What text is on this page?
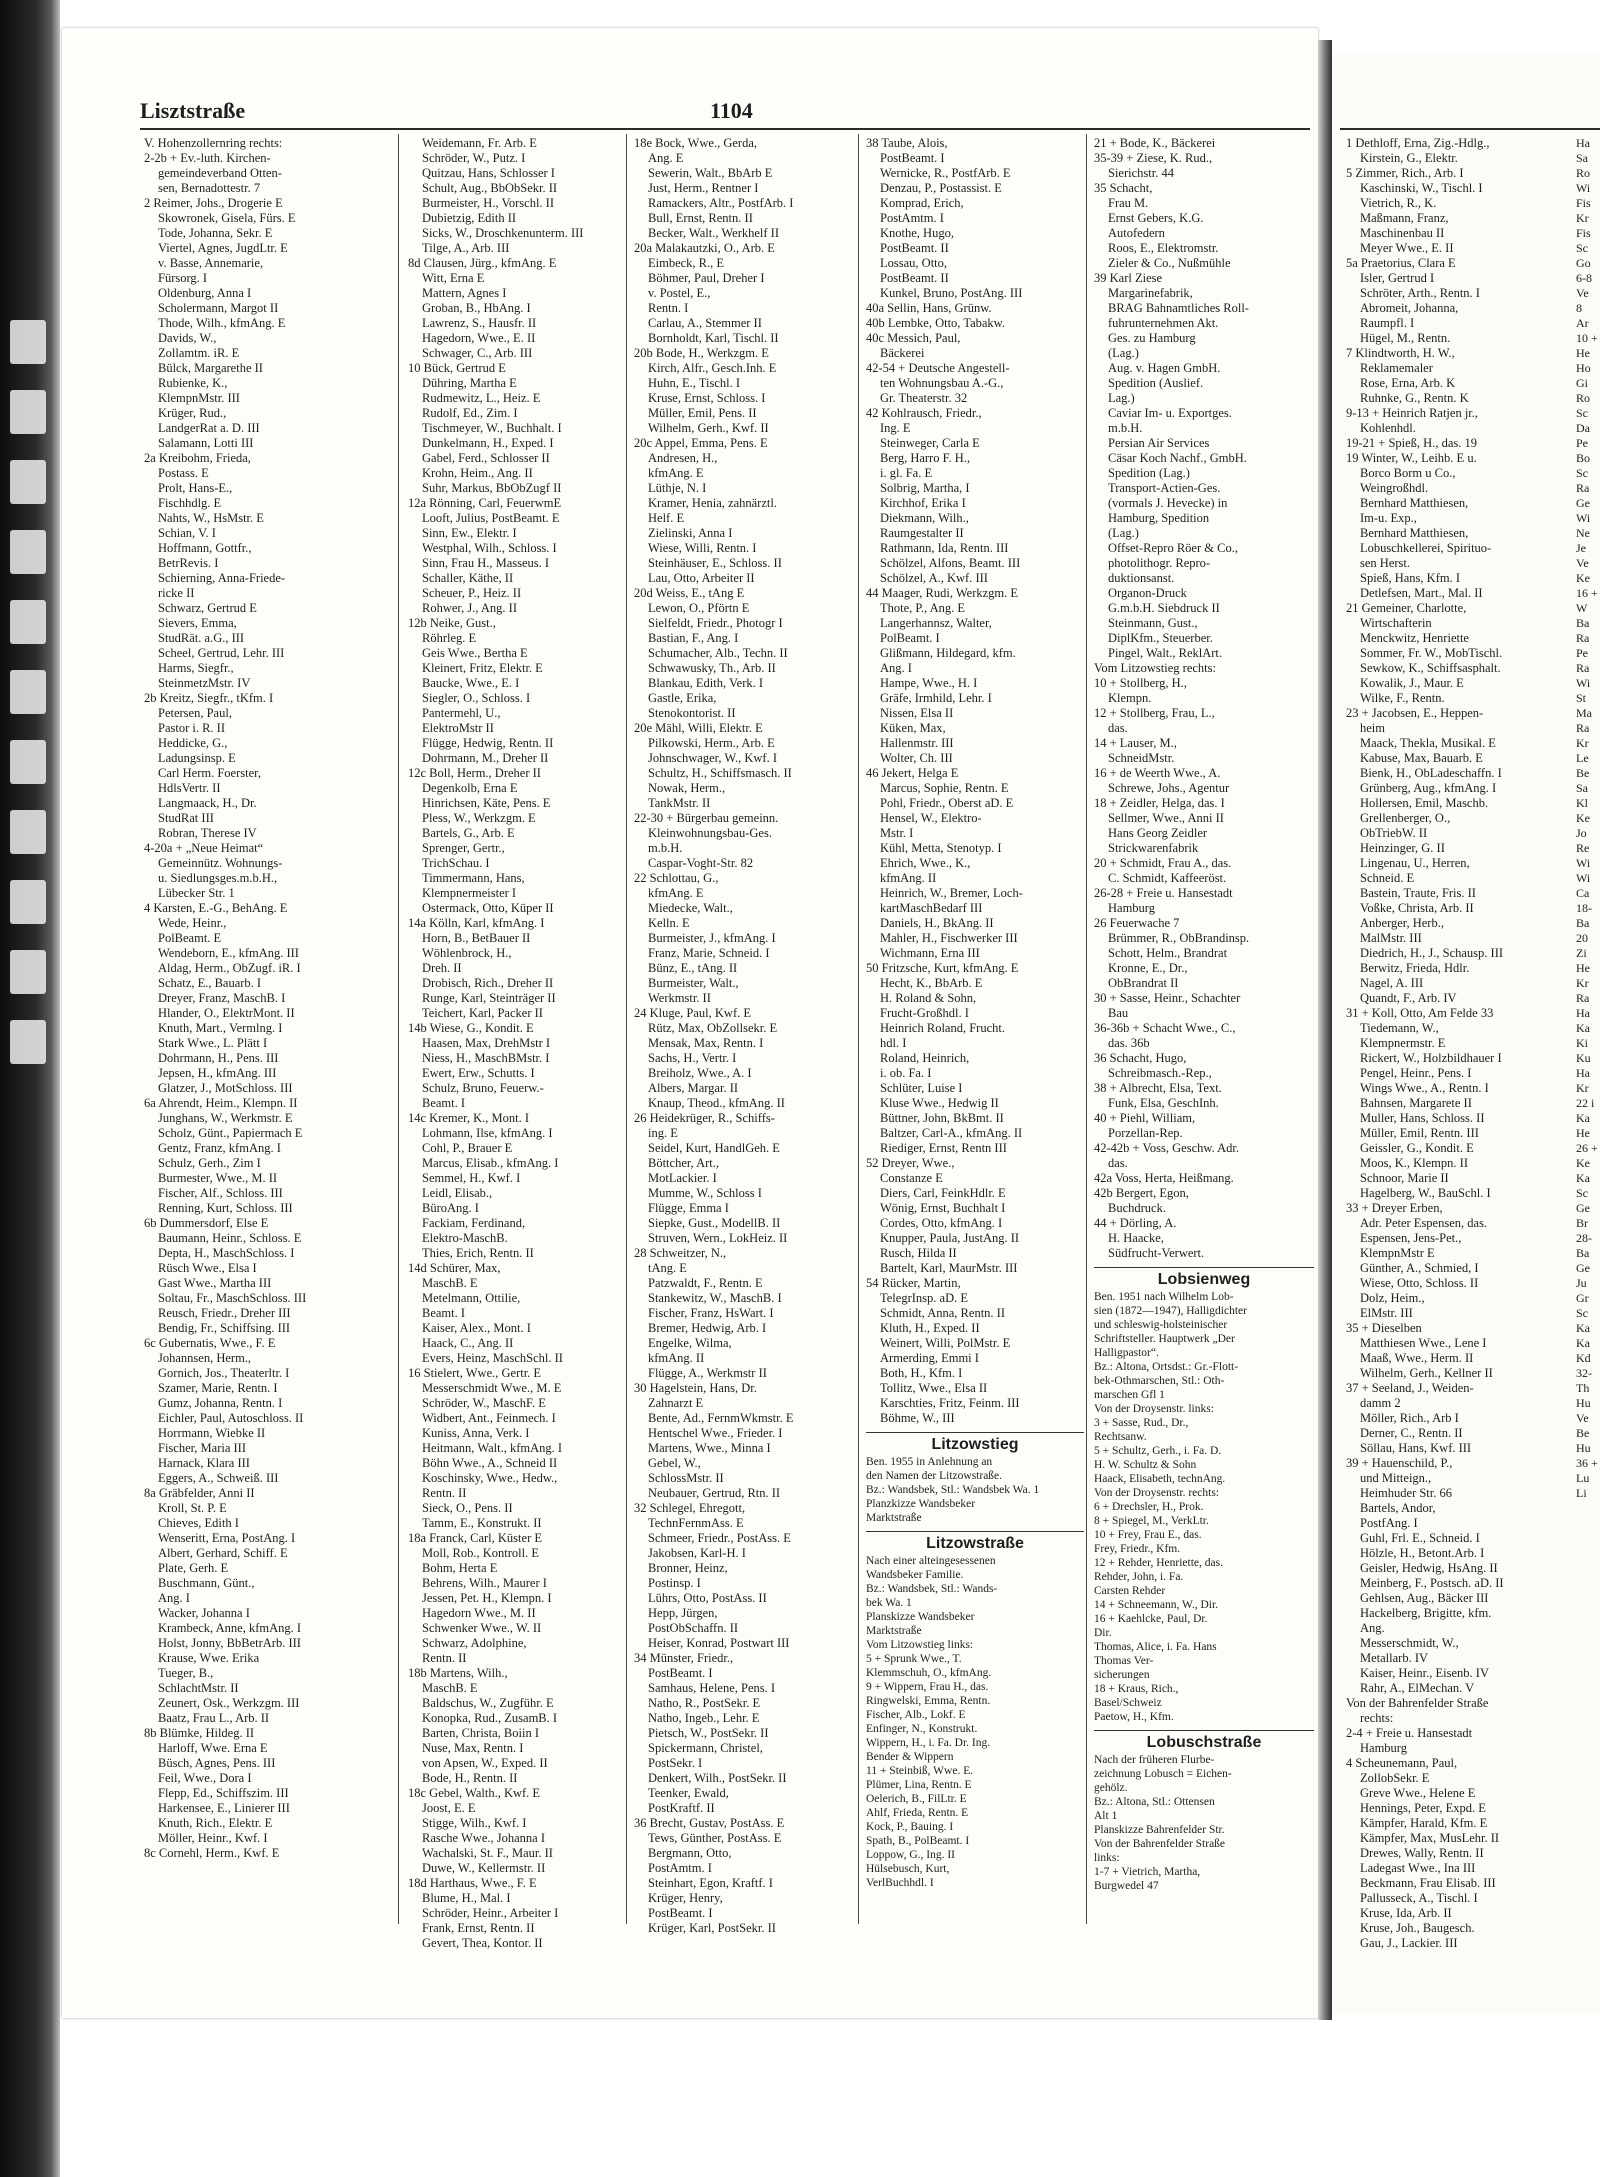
Lisztstraße	1104
V. Hohenzollernring rechts:
2-2b + Ev.-luth. Kirchen-
gemeindeverband Otten-
sen, Bernadottestr. 7
2 Reimer, Johs., Drogerie E
Skowronek, Gisela, Fürs. E
Tode, Johanna, Sekr. E
Viertel, Agnes, JugdLtr. E
v. Basse, Annemarie,
Fürsorg. I
Oldenburg, Anna I
Scholermann, Margot II
Thode, Wilh., kfmAng. E
Davids, W.,
Zollamtm. iR. E
Bülck, Margarethe II
Rubienke, K.,
KlempnMstr. III
Krüger, Rud.,
LandgerRat a. D. III
Salamann, Lotti III
2a Kreibohm, Frieda,
Postass. E
Prolt, Hans-E.,
Fischhdlg. E
Nahts, W., HsMstr. E
Schian, V. I
Hoffmann, Gottfr.,
BetrRevis. I
Schierning, Anna-Friede-
ricke II
Schwarz, Gertrud E
Sievers, Emma,
StudRät. a.G., III
Scheel, Gertrud, Lehr. III
Harms, Siegfr.,
SteinmetzMstr. IV
2b Kreitz, Siegfr., tKfm. I
Petersen, Paul,
Pastor i. R. II
Heddicke, G.,
Ladungsinsp. E
Carl Herm. Foerster,
HdlsVertr. II
Langmaack, H., Dr.
StudRat III
Robran, Therese IV
4-20a + „Neue Heimat“
Gemeinnütz. Wohnungs-
u. Siedlungsges.m.b.H.,
Lübecker Str. 1
4 Karsten, E.-G., BehAng. E
Wede, Heinr.,
PolBeamt. E
Wendeborn, E., kfmAng. III
Aldag, Herm., ObZugf. iR. I
Schatz, E., Bauarb. I
Dreyer, Franz, MaschB. I
Hlander, O., ElektrMont. II
Knuth, Mart., Vermlng. I
Stark Wwe., L. Plätt I
Dohrmann, H., Pens. III
Jepsen, H., kfmAng. III
Glatzer, J., MotSchloss. III
6a Ahrendt, Heim., Klempn. II
Junghans, W., Werkmstr. E
Scholz, Günt., Papiermach E
Gentz, Franz, kfmAng. I
Schulz, Gerh., Zim I
Burmester, Wwe., M. II
Fischer, Alf., Schloss. III
Renning, Kurt, Schloss. III
6b Dummersdorf, Else E
Baumann, Heinr., Schloss. E
Depta, H., MaschSchloss. I
Rüsch Wwe., Elsa I
Gast Wwe., Martha III
Soltau, Fr., MaschSchloss. III
Reusch, Friedr., Dreher III
Bendig, Fr., Schiffsing. III
6c Gubernatis, Wwe., F. E
Johannsen, Herm.,
Gornich, Jos., Theaterltr. I
Szamer, Marie, Rentn. I
Gumz, Johanna, Rentn. I
Eichler, Paul, Autoschloss. II
Horrmann, Wiebke II
Fischer, Maria III
Harnack, Klara III
Eggers, A., Schweiß. III
8a Gräbfelder, Anni II
Kroll, St. P. E
Chieves, Edith I
Wenseritt, Erna, PostAng. I
Albert, Gerhard, Schiff. E
Plate, Gerh. E
Buschmann, Günt.,
Ang. I
Wacker, Johanna I
Krambeck, Anne, kfmAng. I
Holst, Jonny, BbBetrArb. III
Krause, Wwe. Erika
Tueger, B.,
SchlachtMstr. II
Zeunert, Osk., Werkzgm. III
Baatz, Frau L., Arb. II
8b Blümke, Hildeg. II
Harloff, Wwe. Erna E
Büsch, Agnes, Pens. III
Feil, Wwe., Dora I
Flepp, Ed., Schiffszim. III
Harkensee, E., Linierer III
Knuth, Rich., Elektr. E
Möller, Heinr., Kwf. I
8c Cornehl, Herm., Kwf. E
Weidemann, Fr. Arb. E
Schröder, W., Putz. I
Quitzau, Hans, Schlosser I
Schult, Aug., BbObSekr. II
Burmeister, H., Vorschl. II
Dubietzig, Edith II
Sicks, W., Droschkenunterm. III
Tilge, A., Arb. III
8d Clausen, Jürg., kfmAng. E
Witt, Erna E
Mattern, Agnes I
Groban, B., HbAng. I
Lawrenz, S., Hausfr. II
Hagedorn, Wwe., E. II
Schwager, C., Arb. III
10 Bück, Gertrud E
Dühring, Martha E
Rudmewitz, L., Heiz. E
Rudolf, Ed., Zim. I
Tischmeyer, W., Buchhalt. I
Dunkelmann, H., Exped. I
Gabel, Ferd., Schlosser II
Krohn, Heim., Ang. II
Suhr, Markus, BbObZugf II
12a Rönning, Carl, FeuerwmE
Looft, Julius, PostBeamt. E
Sinn, Ew., Elektr. I
Westphal, Wilh., Schloss. I
Sinn, Frau H., Masseus. I
Schaller, Käthe, II
Scheuer, P., Heiz. II
Rohwer, J., Ang. II
12b Neike, Gust.,
Röhrleg. E
Geis Wwe., Bertha E
Kleinert, Fritz, Elektr. E
Baucke, Wwe., E. I
Siegler, O., Schloss. I
Pantermehl, U.,
ElektroMstr II
Flügge, Hedwig, Rentn. II
Dohrmann, M., Dreher II
12c Boll, Herm., Dreher II
Degenkolb, Erna E
Hinrichsen, Käte, Pens. E
Pless, W., Werkzgm. E
Bartels, G., Arb. E
Sprenger, Gertr.,
TrichSchau. I
Timmermann, Hans,
Klempnermeister I
Ostermack, Otto, Küper II
14a Kölln, Karl, kfmAng. I
Horn, B., BetBauer II
Wöhlenbrock, H.,
Dreh. II
Drobisch, Rich., Dreher II
Runge, Karl, Steinträger II
Teichert, Karl, Packer II
14b Wiese, G., Kondit. E
Haasen, Max, DrehMstr I
Niess, H., MaschBMstr. I
Ewert, Erw., Schutts. I
Schulz, Bruno, Feuerw.-
Beamt. I
14c Kremer, K., Mont. I
Lohmann, Ilse, kfmAng. I
Cohl, P., Brauer E
Marcus, Elisab., kfmAng. I
Semmel, H., Kwf. I
Leidl, Elisab.,
BüroAng. I
Fackiam, Ferdinand,
Elektro-MaschB.
Thies, Erich, Rentn. II
14d Schürer, Max,
MaschB. E
Metelmann, Ottilie,
Beamt. I
Kaiser, Alex., Mont. I
Haack, C., Ang. II
Evers, Heinz, MaschSchl. II
16 Stielert, Wwe., Gertr. E
Messerschmidt Wwe., M. E
Schröder, W., MaschF. E
Widbert, Ant., Feinmech. I
Kuniss, Anna, Verk. I
Heitmann, Walt., kfmAng. I
Böhn Wwe., A., Schneid II
Koschinsky, Wwe., Hedw.,
Rentn. II
Sieck, O., Pens. II
Tamm, E., Konstrukt. II
18a Franck, Carl, Küster E
Moll, Rob., Kontroll. E
Bohm, Herta E
Behrens, Wilh., Maurer I
Jessen, Pet. H., Klempn. I
Hagedorn Wwe., M. II
Schwenker Wwe., W. II
Schwarz, Adolphine,
Rentn. II
18b Martens, Wilh.,
MaschB. E
Baldschus, W., Zugführ. E
Konopka, Rud., ZusamB. I
Barten, Christa, Boiin I
Nuse, Max, Rentn. I
von Apsen, W., Exped. II
Bode, H., Rentn. II
18c Gebel, Walth., Kwf. E
Joost, E. E
Stigge, Wilh., Kwf. I
Rasche Wwe., Johanna I
Wachalski, St. F., Maur. II
Duwe, W., Kellermstr. II
18d Harthaus, Wwe., F. E
Blume, H., Mal. I
Schröder, Heinr., Arbeiter I
Frank, Ernst, Rentn. II
Gevert, Thea, Kontor. II
18e Bock, Wwe., Gerda,
Ang. E
Sewerin, Walt., BbArb E
Just, Herm., Rentner I
Ramackers, Altr., PostfArb. I
Bull, Ernst, Rentn. II
Becker, Walt., Werkhelf II
20a Malakautzki, O., Arb. E
Eimbeck, R., E
Böhmer, Paul, Dreher I
v. Postel, E.,
Rentn. I
Carlau, A., Stemmer II
Bornholdt, Karl, Tischl. II
20b Bode, H., Werkzgm. E
Kirch, Alfr., Gesch.Inh. E
Huhn, E., Tischl. I
Kruse, Ernst, Schloss. I
Müller, Emil, Pens. II
Wilhelm, Gerh., Kwf. II
20c Appel, Emma, Pens. E
Andresen, H.,
kfmAng. E
Lüthje, N. I
Kramer, Henia, zahnärztl.
Helf. E
Zielinski, Anna I
Wiese, Willi, Rentn. I
Steinhäuser, E., Schloss. II
Lau, Otto, Arbeiter II
20d Weiss, E., tAng E
Lewon, O., Pförtn E
Sielfeldt, Friedr., Photogr I
Bastian, F., Ang. I
Schumacher, Alb., Techn. II
Schwawusky, Th., Arb. II
Blankau, Edith, Verk. I
Gastle, Erika,
Stenokontorist. II
20e Mähl, Willi, Elektr. E
Pilkowski, Herm., Arb. E
Johnschwager, W., Kwf. I
Schultz, H., Schiffsmasch. II
Nowak, Herm.,
TankMstr. II
22-30 + Bürgerbau gemeinn.
Kleinwohnungsbau-Ges.
m.b.H.
Caspar-Voght-Str. 82
22 Schlottau, G.,
kfmAng. E
Miedecke, Walt.,
Kelln. E
Burmeister, J., kfmAng. I
Franz, Marie, Schneid. I
Bünz, E., tAng. II
Burmeister, Walt.,
Werkmstr. II
24 Kluge, Paul, Kwf. E
Rütz, Max, ObZollsekr. E
Mensak, Max, Rentn. I
Sachs, H., Vertr. I
Breiholz, Wwe., A. I
Albers, Margar. II
Knaup, Theod., kfmAng. II
26 Heidekrüger, R., Schiffs-
ing. E
Seidel, Kurt, HandlGeh. E
Böttcher, Art.,
MotLackier. I
Mumme, W., Schloss I
Flügge, Emma I
Siepke, Gust., ModellB. II
Struven, Wern., LokHeiz. II
28 Schweitzer, N.,
tAng. E
Patzwaldt, F., Rentn. E
Stankewitz, W., MaschB. I
Fischer, Franz, HsWart. I
Bremer, Hedwig, Arb. I
Engelke, Wilma,
kfmAng. II
Flügge, A., Werkmstr II
30 Hagelstein, Hans, Dr.
Zahnarzt E
Bente, Ad., FernmWkmstr. E
Hentschel Wwe., Frieder. I
Martens, Wwe., Minna I
Gebel, W.,
SchlossMstr. II
Neubauer, Gertrud, Rtn. II
32 Schlegel, Ehregott,
TechnFernmAss. E
Schmeer, Friedr., PostAss. E
Jakobsen, Karl-H. I
Bronner, Heinz,
Postinsp. I
Lührs, Otto, PostAss. II
Hepp, Jürgen,
PostObSchaffn. II
Heiser, Konrad, Postwart III
34 Münster, Friedr.,
PostBeamt. I
Samhaus, Helene, Pens. I
Natho, R., PostSekr. E
Natho, Ingeb., Lehr. E
Pietsch, W., PostSekr. II
Spickermann, Christel,
PostSekr. I
Denkert, Wilh., PostSekr. II
Teenker, Ewald,
PostKraftf. II
36 Brecht, Gustav, PostAss. E
Tews, Günther, PostAss. E
Bergmann, Otto,
PostAmtm. I
Steinhart, Egon, Kraftf. I
Krüger, Henry,
PostBeamt. I
Krüger, Karl, PostSekr. II
38 Taube, Alois,
PostBeamt. I
Wernicke, R., PostfArb. E
Denzau, P., Postassist. E
Komprad, Erich,
PostAmtm. I
Knothe, Hugo,
PostBeamt. II
Lossau, Otto,
PostBeamt. II
Kunkel, Bruno, PostAng. III
40a Sellin, Hans, Grünw.
40b Lembke, Otto, Tabakw.
40c Messich, Paul,
Bäckerei
42-54 + Deutsche Angestell-
ten Wohnungsbau A.-G.,
Gr. Theaterstr. 32
42 Kohlrausch, Friedr.,
Ing. E
Steinweger, Carla E
Berg, Harro F. H.,
i. gl. Fa. E
Solbrig, Martha, I
Kirchhof, Erika I
Diekmann, Wilh.,
Raumgestalter II
Rathmann, Ida, Rentn. III
Schölzel, Alfons, Beamt. III
Schölzel, A., Kwf. III
44 Maager, Rudi, Werkzgm. E
Thote, P., Ang. E
Langerhannsz, Walter,
PolBeamt. I
Glißmann, Hildegard, kfm.
Ang. I
Hampe, Wwe., H. I
Gräfe, Irmhild, Lehr. I
Nissen, Elsa II
Küken, Max,
Hallenmstr. III
Wolter, Ch. III
46 Jekert, Helga E
Marcus, Sophie, Rentn. E
Pohl, Friedr., Oberst aD. E
Hensel, W., Elektro-
Mstr. I
Kühl, Metta, Stenotyp. I
Ehrich, Wwe., K.,
kfmAng. II
Heinrich, W., Bremer, Loch-
kartMaschBedarf III
Daniels, H., BkAng. II
Mahler, H., Fischwerker III
Wichmann, Erna III
50 Fritzsche, Kurt, kfmAng. E
Hecht, K., BbArb. E
H. Roland & Sohn,
Frucht-Großhdl. I
Heinrich Roland, Frucht.
hdl. I
Roland, Heinrich,
i. ob. Fa. I
Schlüter, Luise I
Kluse Wwe., Hedwig II
Büttner, John, BkBmt. II
Baltzer, Carl-A., kfmAng. II
Riediger, Ernst, Rentn III
52 Dreyer, Wwe.,
Constanze E
Diers, Carl, FeinkHdlr. E
Wönig, Ernst, Buchhalt I
Cordes, Otto, kfmAng. I
Knupper, Paula, JustAng. II
Rusch, Hilda II
Bartelt, Karl, MaurMstr. III
54 Rücker, Martin,
TelegrInsp. aD. E
Schmidt, Anna, Rentn. II
Kluth, H., Exped. II
Weinert, Willi, PolMstr. E
Armerding, Emmi I
Both, H., Kfm. I
Tollitz, Wwe., Elsa II
Karschties, Fritz, Feinm. III
Böhme, W., III
Litzowstieg
Ben. 1955 in Anlehnung an
den Namen der Litzowstraße.
Bz.: Wandsbek, Stl.: Wandsbek Wa. 1
Planzkizze Wandsbeker
Marktstraße
Litzowstraße
Nach einer alteingesessenen
Wandsbeker Familie.
Bz.: Wandsbek, Stl.: Wands-
bek Wa. 1
Planskizze Wandsbeker
Marktstraße
Vom Litzowstieg links:
5 + Sprunk Wwe., T.
Klemmschuh, O., kfmAng.
9 + Wippern, Frau H., das.
Ringwelski, Emma, Rentn.
Fischer, Alb., Lokf. E
Enfinger, N., Konstrukt.
Wippern, H., i. Fa. Dr. Ing.
Bender & Wippern
11 + Steinbiß, Wwe. E.
Plümer, Lina, Rentn. E
Oelerich, B., FilLtr. E
Ahlf, Frieda, Rentn. E
Kock, P., Bauing. I
Spath, B., PolBeamt. I
Loppow, G., Ing. II
Hülsebusch, Kurt,
VerlBuchhdl. I
21 + Bode, K., Bäckerei
35-39 + Ziese, K. Rud.,
Sierichstr. 44
35 Schacht,
Frau M.
Ernst Gebers, K.G.
Autofedern
Roos, E., Elektromstr.
Zieler & Co., Nußmühle
39 Karl Ziese
Margarinefabrik,
BRAG Bahnamtliches Roll-
fuhrunternehmen Akt.
Ges. zu Hamburg
(Lag.)
Aug. v. Hagen GmbH.
Spedition (Auslief.
Lag.)
Caviar Im- u. Exportges.
m.b.H.
Persian Air Services
Cäsar Koch Nachf., GmbH.
Spedition (Lag.)
Transport-Actien-Ges.
(vormals J. Hevecke) in
Hamburg, Spedition
(Lag.)
Offset-Repro Röer & Co.,
photolithogr. Repro-
duktionsanst.
Organon-Druck
G.m.b.H. Siebdruck II
Steinmann, Gust.,
DiplKfm., Steuerber.
Pingel, Walt., ReklArt.
Vom Litzowstieg rechts:
10 + Stollberg, H.,
Klempn.
12 + Stollberg, Frau, L.,
das.
14 + Lauser, M.,
SchneidMstr.
16 + de Weerth Wwe., A.
Schrewe, Johs., Agentur
18 + Zeidler, Helga, das. I
Sellmer, Wwe., Anni II
Hans Georg Zeidler
Strickwarenfabrik
20 + Schmidt, Frau A., das.
C. Schmidt, Kaffeeröst.
26-28 + Freie u. Hansestadt
Hamburg
26 Feuerwache 7
Brümmer, R., ObBrandinsp.
Schott, Helm., Brandrat
Kronne, E., Dr.,
ObBrandrat II
30 + Sasse, Heinr., Schachter
Bau
36-36b + Schacht Wwe., C.,
das. 36b
36 Schacht, Hugo,
Schreibmasch.-Rep.,
38 + Albrecht, Elsa, Text.
Funk, Elsa, GeschInh.
40 + Piehl, William,
Porzellan-Rep.
42-42b + Voss, Geschw. Adr.
das.
42a Voss, Herta, Heißmang.
42b Bergert, Egon,
Buchdruck.
44 + Dörling, A.
H. Haacke,
Südfrucht-Verwert.
Lobsienweg
Ben. 1951 nach Wilhelm Lob-
sien (1872—1947), Halligdichter
und schleswig-holsteinischer
Schriftsteller. Hauptwerk „Der
Halligpastor“.
Bz.: Altona, Ortsdst.: Gr.-Flott-
bek-Othmarschen, Stl.: Oth-
marschen Gfl 1
Von der Droysenstr. links:
3 + Sasse, Rud., Dr.,
Rechtsanw.
5 + Schultz, Gerh., i. Fa. D.
H. W. Schultz & Sohn
Haack, Elisabeth, technAng.
Von der Droysenstr. rechts:
6 + Drechsler, H., Prok.
8 + Spiegel, M., VerkLtr.
10 + Frey, Frau E., das.
Frey, Friedr., Kfm.
12 + Rehder, Henriette, das.
Rehder, John, i. Fa.
Carsten Rehder
14 + Schneemann, W., Dir.
16 + Kaehlcke, Paul, Dr.
Dir.
Thomas, Alice, i. Fa. Hans
Thomas Ver-
sicherungen
18 + Kraus, Rich.,
Basel/Schweiz
Paetow, H., Kfm.
Lobuschstraße
Nach der früheren Flurbe-
zeichnung Lobusch = Eichen-
gehölz.
Bz.: Altona, Stl.: Ottensen
Alt 1
Planskizze Bahrenfelder Str.
Von der Bahrenfelder Straße
links:
1-7 + Vietrich, Martha,
Burgwedel 47
1 Dethloff, Erna, Zig.-Hdlg.,
Kirstein, G., Elektr.
5 Zimmer, Rich., Arb. I
Kaschinski, W., Tischl. I
Vietrich, R., K.
Maßmann, Franz,
Maschinenbau II
Meyer Wwe., E. II
5a Praetorius, Clara E
Isler, Gertrud I
Schröter, Arth., Rentn. I
Abromeit, Johanna,
Raumpfl. I
Hügel, M., Rentn.
7 Klindtworth, H. W.,
Reklamemaler
Rose, Erna, Arb. K
Ruhnke, G., Rentn. K
9-13 + Heinrich Ratjen jr.,
Kohlenhdl.
19-21 + Spieß, H., das. 19
19 Winter, W., Leihb. E u.
Borco Borm u Co.,
Weingroßhdl.
Bernhard Matthiesen,
Im-u. Exp.,
Bernhard Matthiesen,
Lobuschkellerei, Spirituo-
sen Herst.
Spieß, Hans, Kfm. I
Detlefsen, Mart., Mal. II
21 Gemeiner, Charlotte,
Wirtschafterin
Menckwitz, Henriette
Sommer, Fr. W., MobTischl.
Sewkow, K., Schiffsasphalt.
Kowalik, J., Maur. E
Wilke, F., Rentn.
23 + Jacobsen, E., Heppen-
heim
Maack, Thekla, Musikal. E
Kabuse, Max, Bauarb. E
Bienk, H., ObLadeschaffn. I
Grünberg, Aug., kfmAng. I
Hollersen, Emil, Maschb.
Grellenberger, O.,
ObTriebW. II
Heinzinger, G. II
Lingenau, U., Herren,
Schneid. E
Bastein, Traute, Fris. II
Voßke, Christa, Arb. II
Anberger, Herb.,
MalMstr. III
Diedrich, H., J., Schausp. III
Berwitz, Frieda, Hdlr.
Nagel, A. III
Quandt, F., Arb. IV
31 + Koll, Otto, Am Felde 33
Tiedemann, W.,
Klempnermstr. E
Rickert, W., Holzbildhauer I
Pengel, Heinr., Pens. I
Wings Wwe., A., Rentn. I
Bahnsen, Margarete II
Muller, Hans, Schloss. II
Müller, Emil, Rentn. III
Geissler, G., Kondit. E
Moos, K., Klempn. II
Schnoor, Marie II
Hagelberg, W., BauSchl. I
33 + Dreyer Erben,
Adr. Peter Espensen, das.
Espensen, Jens-Pet.,
KlempnMstr E
Günther, A., Schmied, I
Wiese, Otto, Schloss. II
Dolz, Heim.,
ElMstr. III
35 + Dieselben
Matthiesen Wwe., Lene I
Maaß, Wwe., Herm. II
Wilhelm, Gerh., Kellner II
37 + Seeland, J., Weiden-
damm 2
Möller, Rich., Arb I
Derner, C., Rentn. II
Söllau, Hans, Kwf. III
39 + Hauenschild, P.,
und Mitteign.,
Heimhuder Str. 66
Bartels, Andor,
PostfAng. I
Guhl, Frl. E., Schneid. I
Hölzle, H., Betont.Arb. I
Geisler, Hedwig, HsAng. II
Meinberg, F., Postsch. aD. II
Gehlsen, Aug., Bäcker III
Hackelberg, Brigitte, kfm.
Ang.
Messerschmidt, W.,
Metallarb. IV
Kaiser, Heinr., Eisenb. IV
Rahr, A., ElMechan. V
Von der Bahrenfelder Straße
rechts:
2-4 + Freie u. Hansestadt
Hamburg
4 Scheunemann, Paul,
ZollobSekr. E
Greve Wwe., Helene E
Hennings, Peter, Expd. E
Kämpfer, Harald, Kfm. E
Kämpfer, Max, MusLehr. II
Drewes, Wally, Rentn. II
Ladegast Wwe., Ina III
Beckmann, Frau Elisab. III
Pallusseck, A., Tischl. I
Kruse, Ida, Arb. II
Kruse, Joh., Baugesch.
Gau, J., Lackier. III
Ha
Sa
Ro
Wi
Fis
Kr
Fis
Sc
Go
6-8
Ve
8
Ar
10 +
He
Ho
Gi
Ro
Sc
Da
Pe
Bo
Sc
Ra
Ge
Wi
Ne
Je
Ve
Ke
16 +
W
Ba
Ra
Pe
Ra
Wi
St
Ma
Ra
Kr
Le
Be
Sa
Kl
Ke
Jo
Re
Wi
Wi
Ca
18-
Ba
20
Zi
He
Kr
Ra
Ha
Ka
Ki
Ku
Ha
Kr
22 i
Ka
He
26 +
Ke
Ka
Sc
Ge
Br
28-
Ba
Ge
Ju
Gr
Sc
Ka
Ka
Kd
32-
Th
Hu
Ve
Be
Hu
36 +
Lu
Li
